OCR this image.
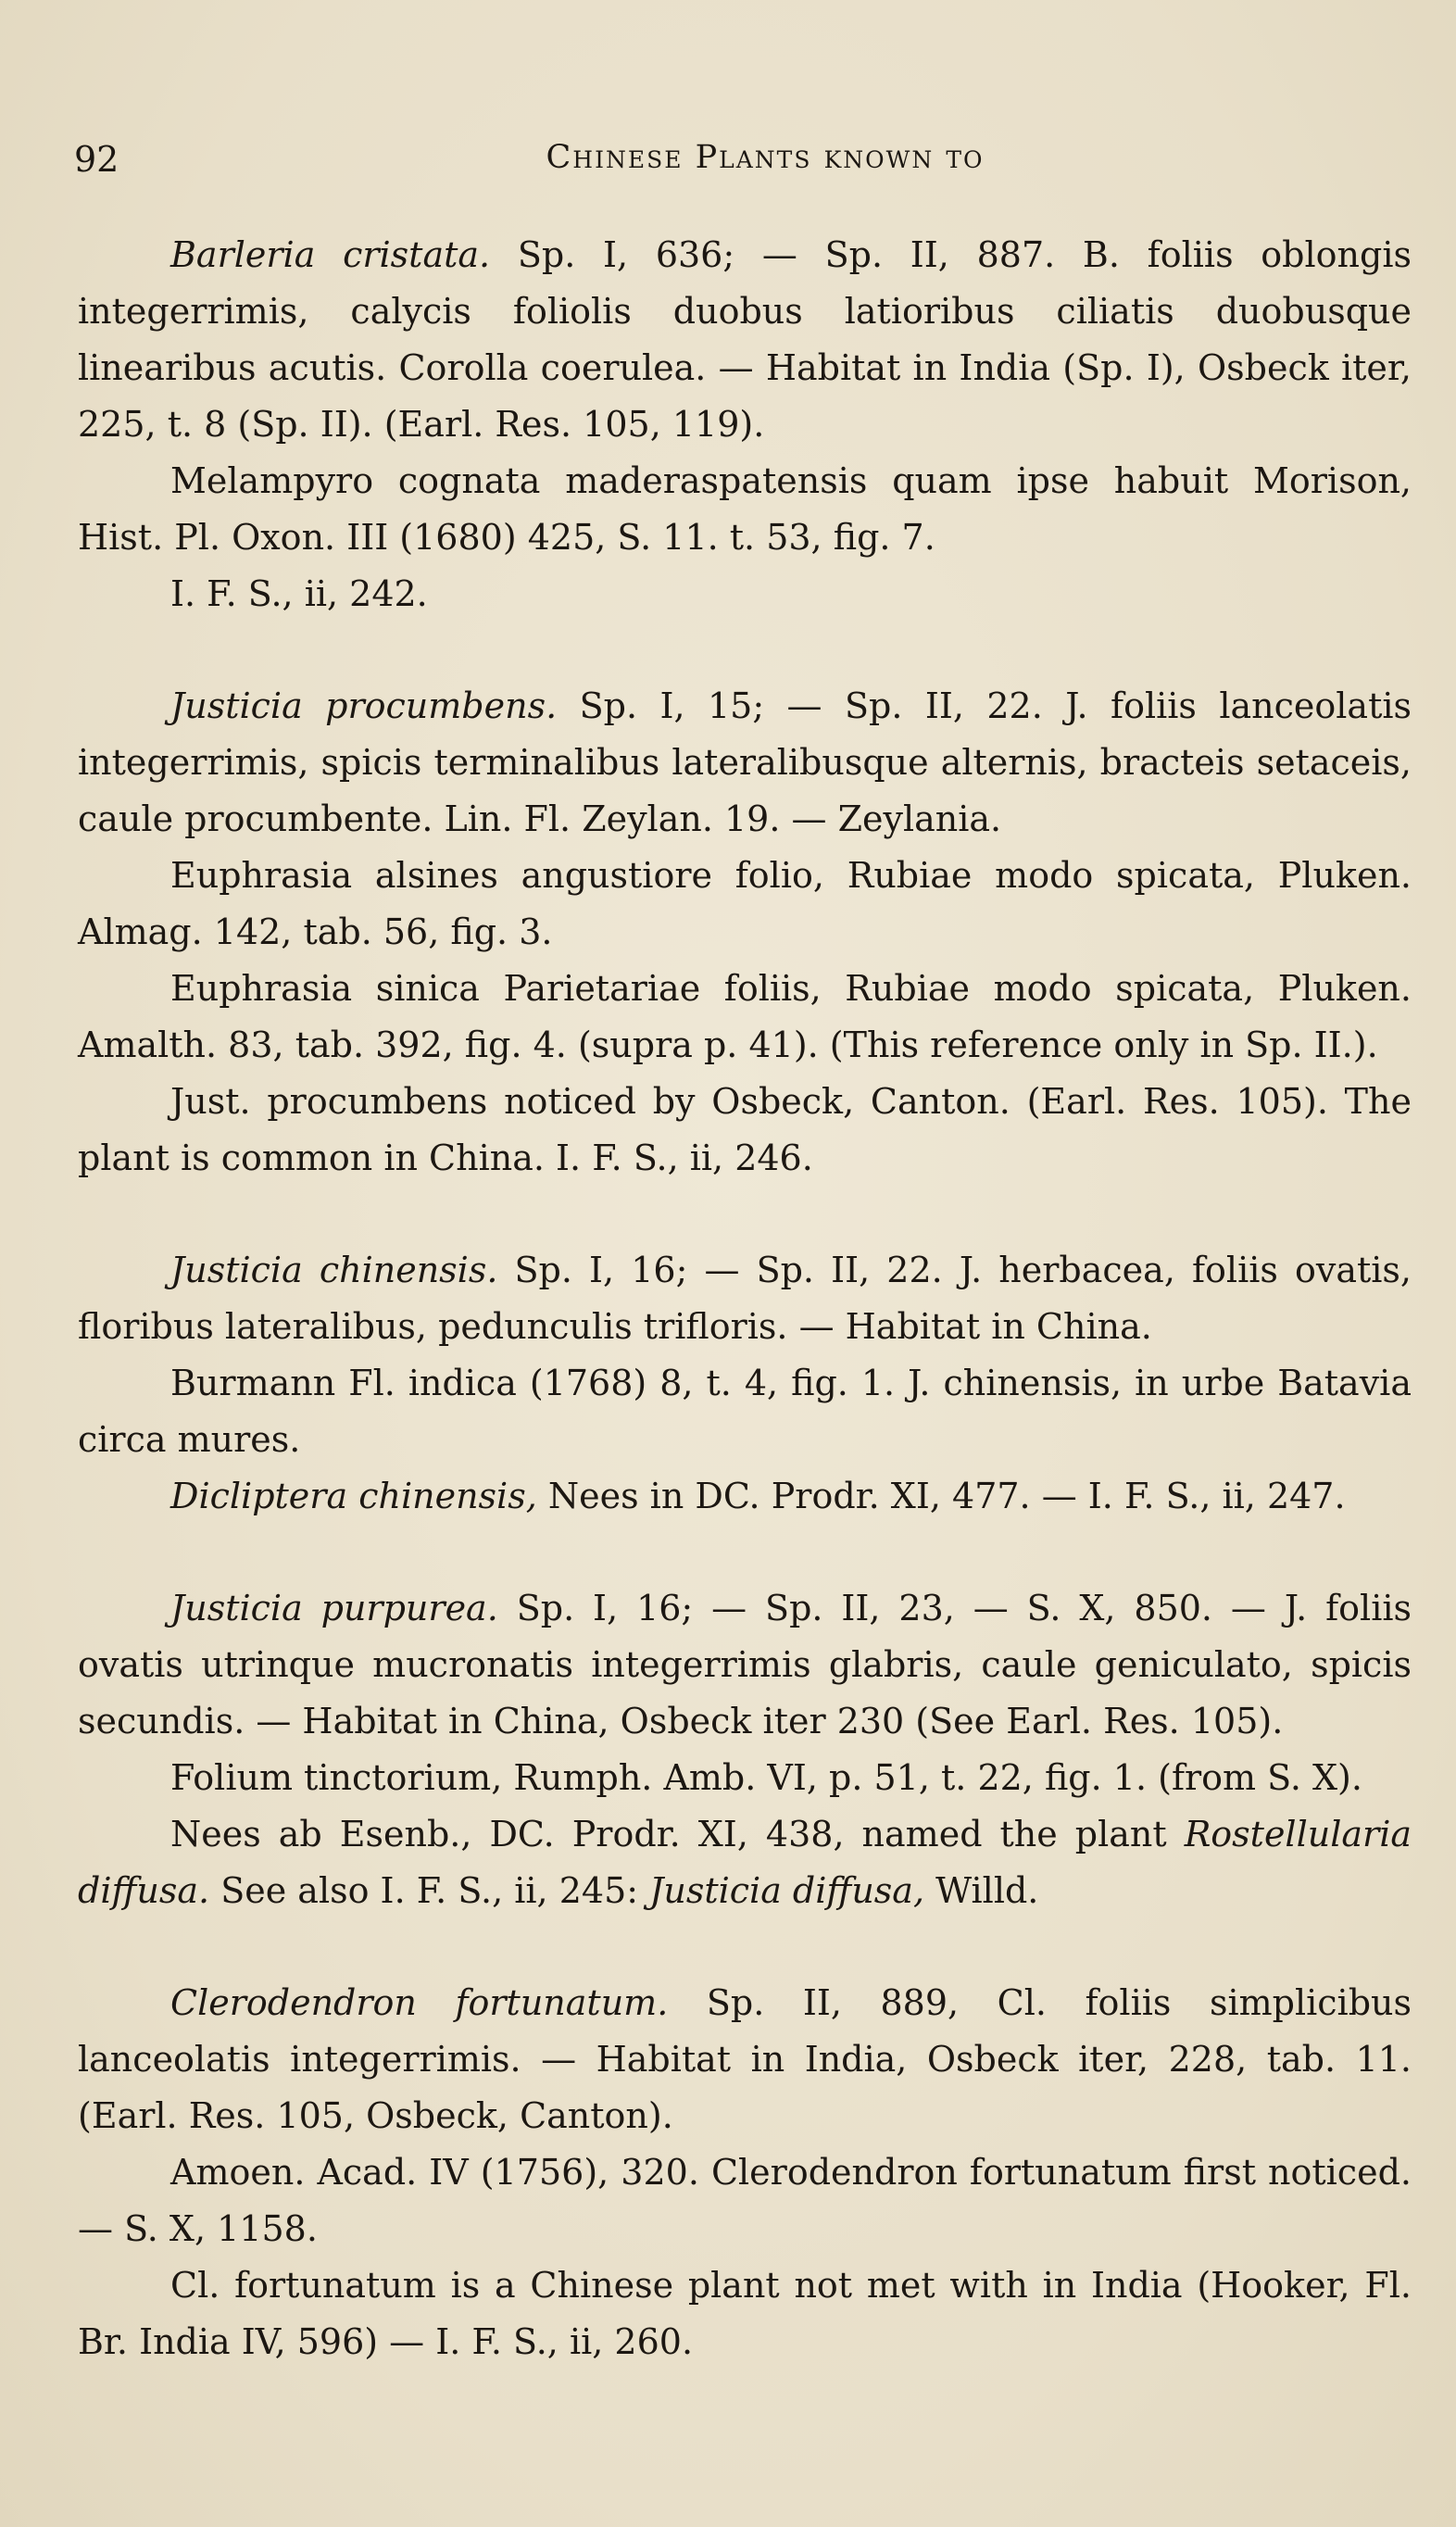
92	Chinese Plants known to

Barleria cristata. Sp. I, 636; — Sp. II, 887. B. foliis oblongis integerrimis, calycis foliolis duobus latioribus ciliatis duobusque linearibus acutis. Corolla coerulea. — Habitat in India (Sp. I), Osbeck iter, 225, t. 8 (Sp. II). (Earl. Res. 105, 119).

Melampyro cognata maderaspatensis quam ipse habuit Morison, Hist. Pl. Oxon. III (1680) 425, S. 11. t. 53, fig. 7.

I. F. S., ii, 242.

Justicia procumbens. Sp. I, 15; — Sp. II, 22. J. foliis lanceolatis integerrimis, spicis terminalibus lateralibusque alternis, bracteis setaceis, caule procumbente. Lin. Fl. Zeylan. 19. — Zeylania.

Euphrasia alsines angustiore folio, Rubiae modo spicata, Pluken. Almag. 142, tab. 56, fig. 3.

Euphrasia sinica Parietariae foliis, Rubiae modo spicata, Pluken. Amalth. 83, tab. 392, fig. 4. (supra p. 41). (This reference only in Sp. II.).

Just. procumbens noticed by Osbeck, Canton. (Earl. Res. 105). The plant is common in China. I. F. S., ii, 246.

Justicia chinensis. Sp. I, 16; — Sp. II, 22. J. herbacea, foliis ovatis, floribus lateralibus, pedunculis trifloris. — Habitat in China.

Burmann Fl. indica (1768) 8, t. 4, fig. 1. J. chinensis, in urbe Batavia circa mures.

Dicliptera chinensis, Nees in DC. Prodr. XI, 477. — I. F. S., ii, 247.

Justicia purpurea. Sp. I, 16; — Sp. II, 23, — S. X, 850. — J. foliis ovatis utrinque mucronatis integerrimis glabris, caule geniculato, spicis secundis. — Habitat in China, Osbeck iter 230 (See Earl. Res. 105).

Folium tinctorium, Rumph. Amb. VI, p. 51, t. 22, fig. 1. (from S. X).

Nees ab Esenb., DC. Prodr. XI, 438, named the plant Rostellularia diffusa. See also I. F. S., ii, 245: Justicia diffusa, Willd.

Clerodendron fortunatum. Sp. II, 889, Cl. foliis simplicibus lanceolatis integerrimis. — Habitat in India, Osbeck iter, 228, tab. 11. (Earl. Res. 105, Osbeck, Canton).

Amoen. Acad. IV (1756), 320. Clerodendron fortunatum first noticed. — S. X, 1158.

Cl. fortunatum is a Chinese plant not met with in India (Hooker, Fl. Br. India IV, 596) — I. F. S., ii, 260.
